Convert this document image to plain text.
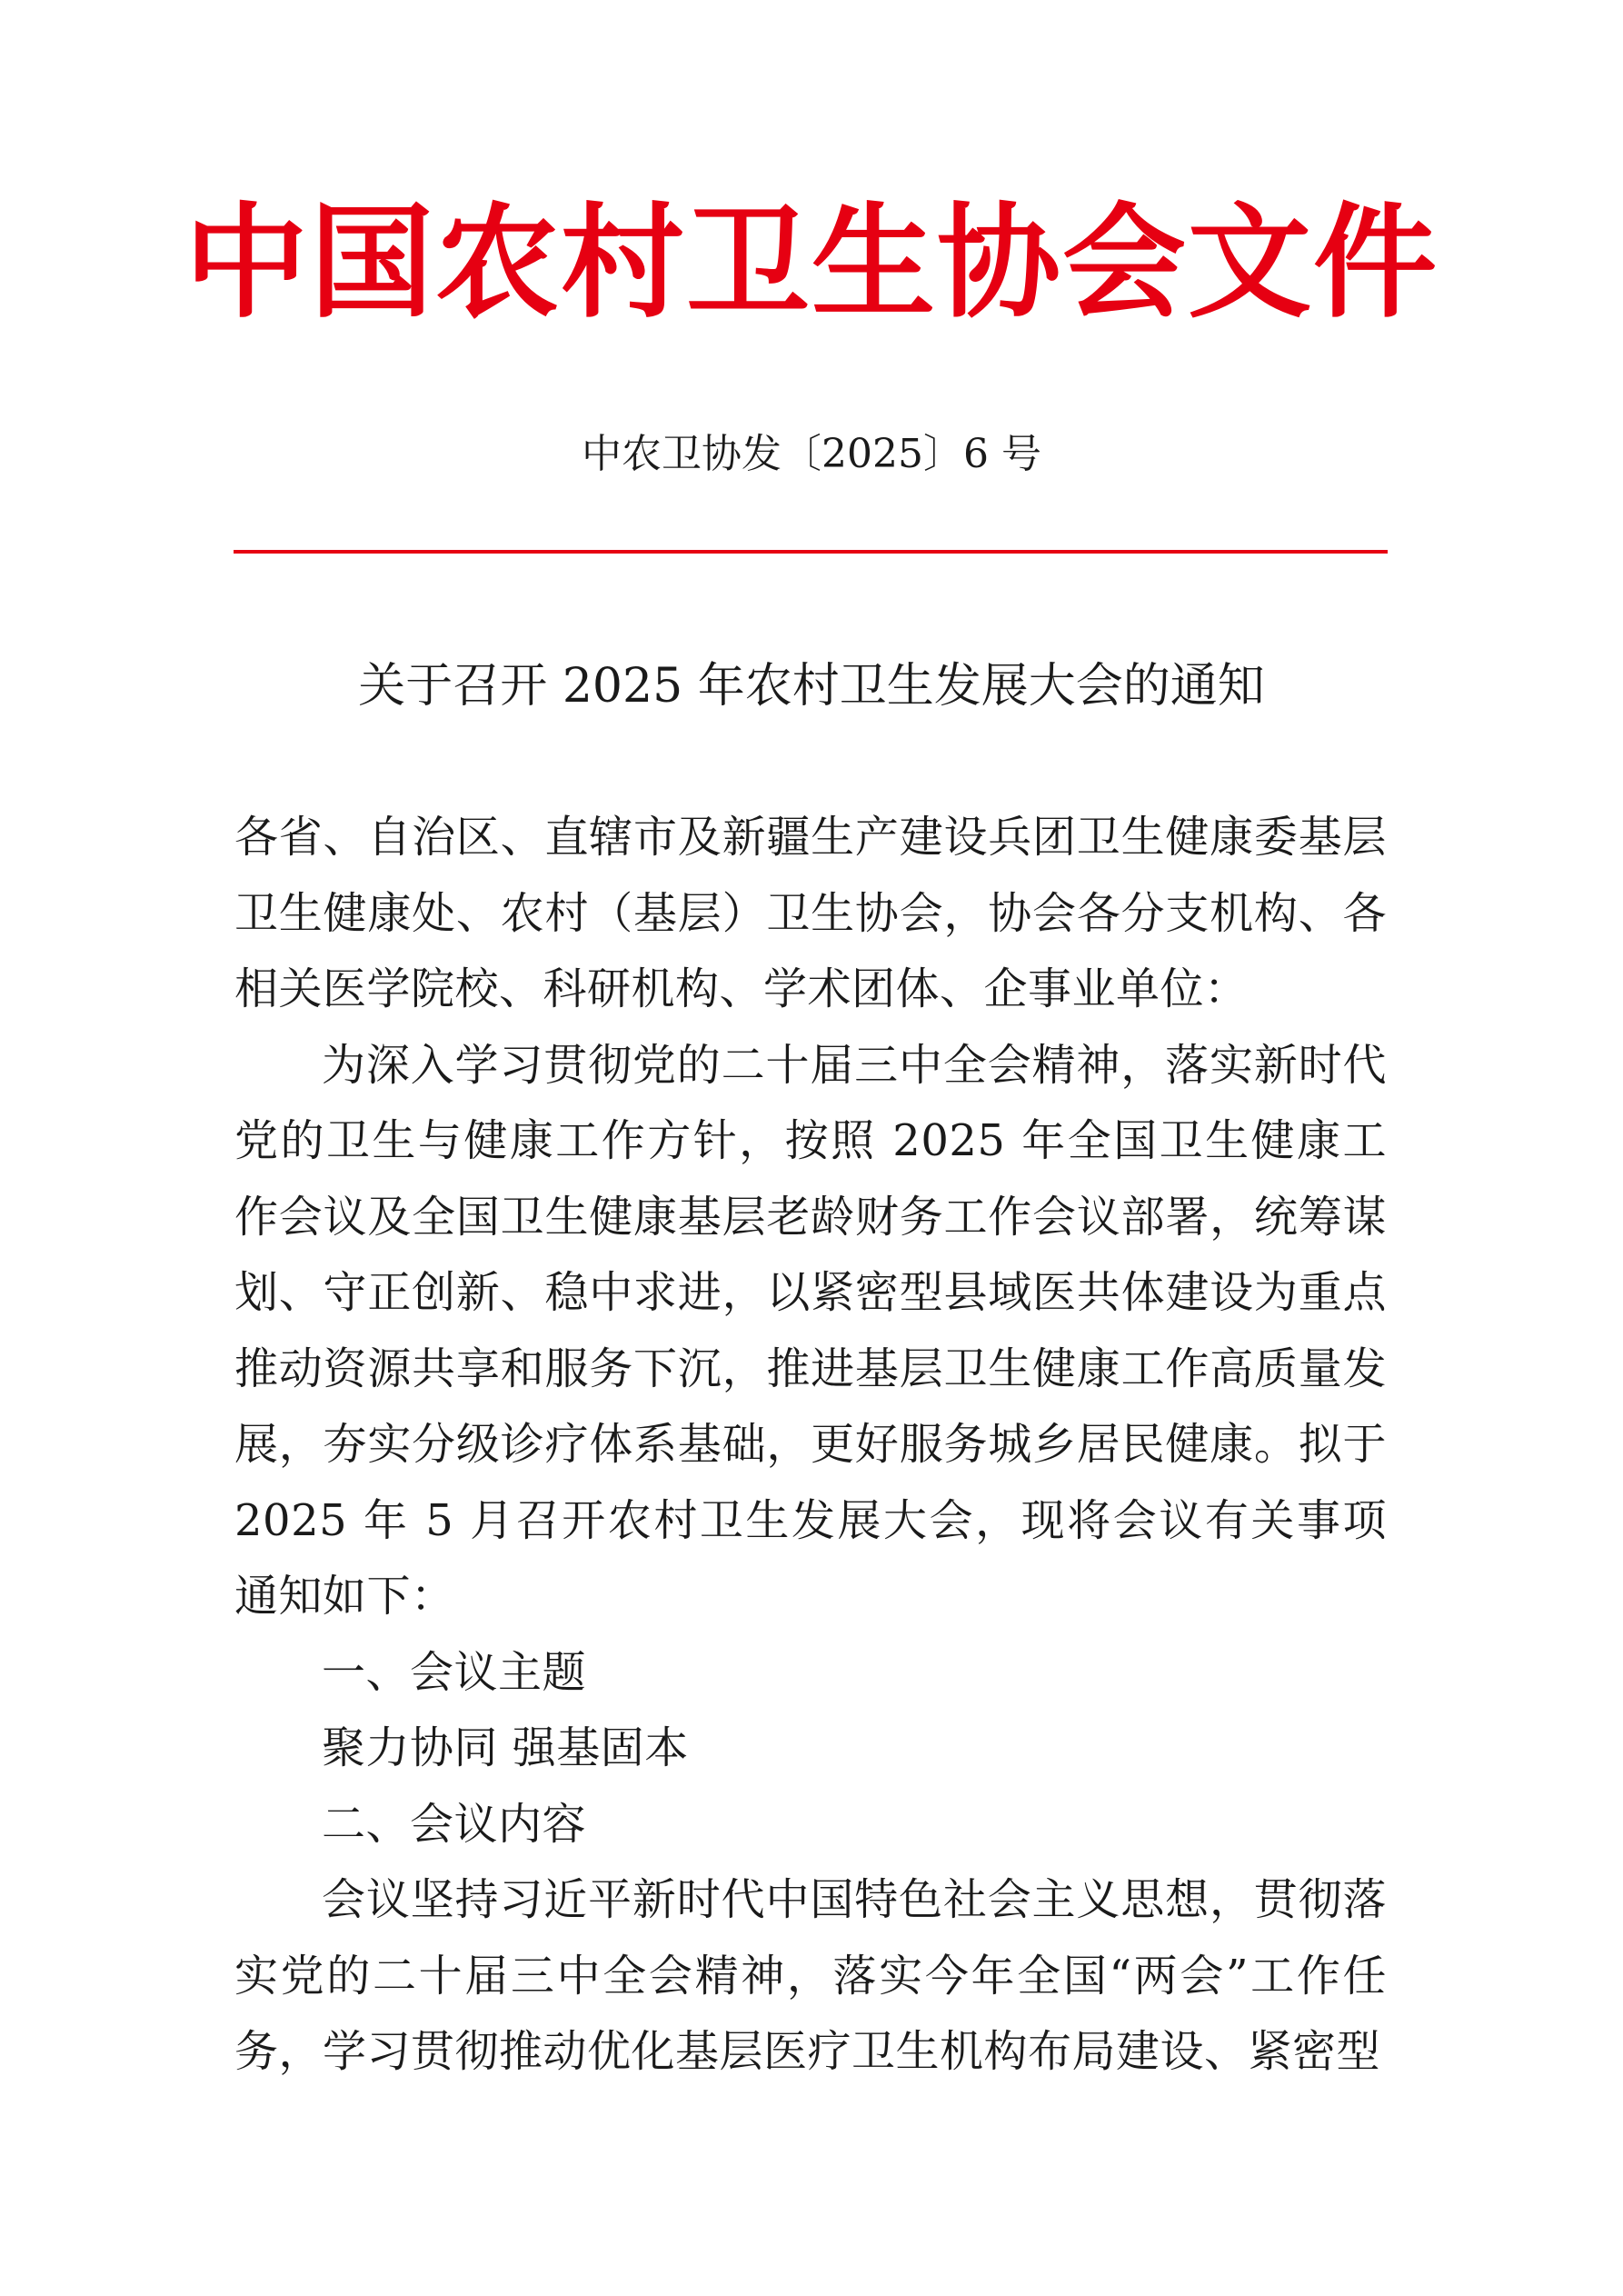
中国农村卫生协会文件
中农卫协发〔2025〕6 号
关于召开 2025 年农村卫生发展大会的通知

各省、自治区、直辖市及新疆生产建设兵团卫生健康委基层卫生健康处、农村（基层）卫生协会，协会各分支机构、各相关医学院校、科研机构、学术团体、企事业单位：

为深入学习贯彻党的二十届三中全会精神，落实新时代党的卫生与健康工作方针，按照 2025 年全国卫生健康工作会议及全国卫生健康基层老龄财务工作会议部署，统筹谋划、守正创新、稳中求进，以紧密型县域医共体建设为重点推动资源共享和服务下沉，推进基层卫生健康工作高质量发展，夯实分级诊疗体系基础，更好服务城乡居民健康。拟于 2025 年 5 月召开农村卫生发展大会，现将会议有关事项通知如下：

一、会议主题

聚力协同 强基固本

二、会议内容

会议坚持习近平新时代中国特色社会主义思想，贯彻落实党的二十届三中全会精神，落实今年全国“两会”工作任务，学习贯彻推动优化基层医疗卫生机构布局建设、紧密型
